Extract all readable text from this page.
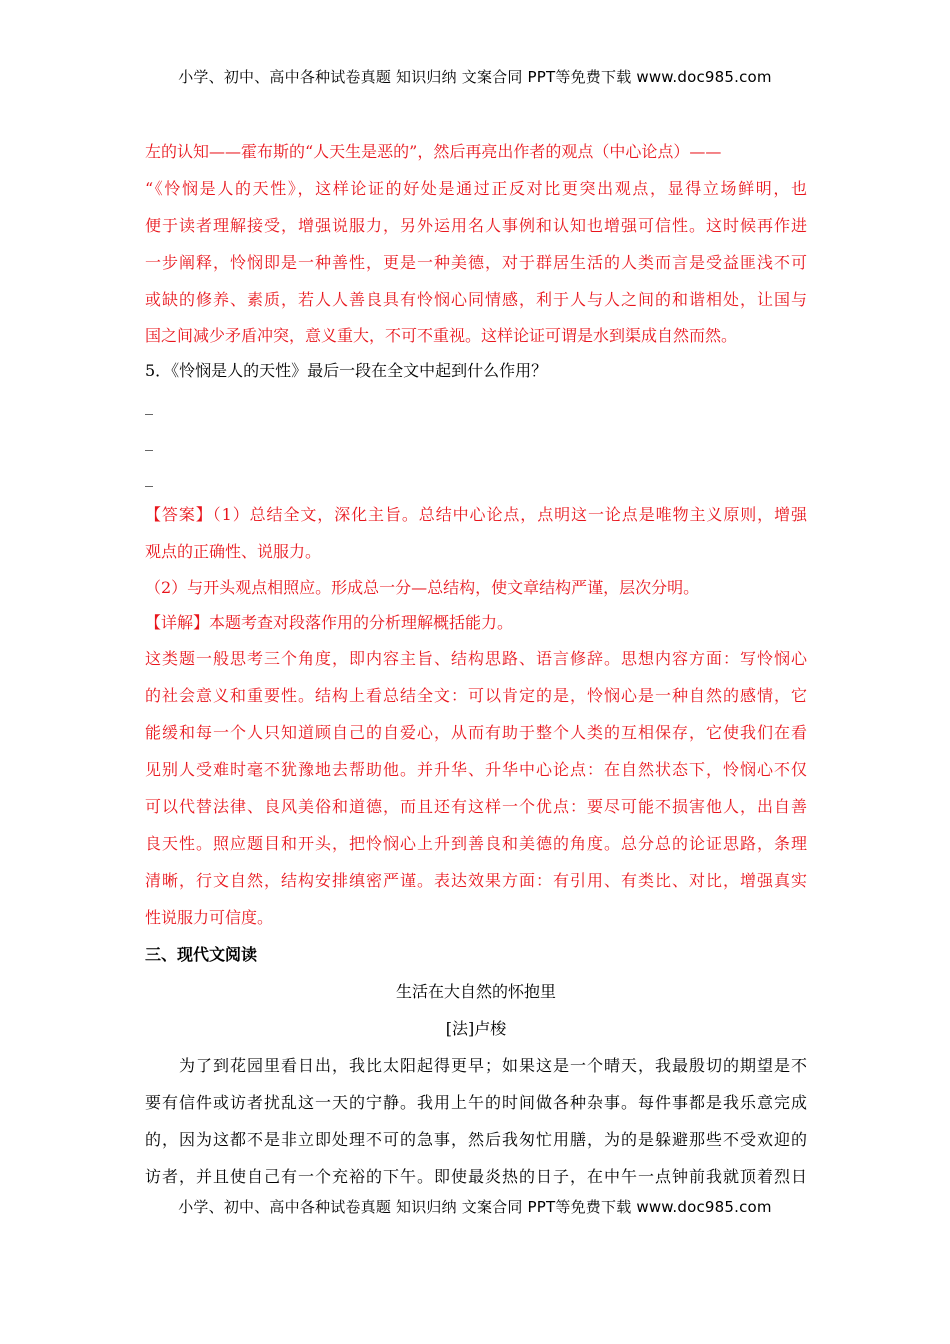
小学、初中、高中各种试卷真题 知识归纳 文案合同 PPT等免费下载 www.doc985.com
左的认知——霍布斯的“人天生是恶的”，然后再亮出作者的观点（中心论点）——
“《怜悯是人的天性》，这样论证的好处是通过正反对比更突出观点，显得立场鲜明，也
便于读者理解接受，增强说服力，另外运用名人事例和认知也增强可信性。这时候再作进
一步阐释，怜悯即是一种善性，更是一种美德，对于群居生活的人类而言是受益匪浅不可
或缺的修养、素质，若人人善良具有怜悯心同情感，利于人与人之间的和谐相处，让国与
国之间减少矛盾冲突，意义重大，不可不重视。这样论证可谓是水到渠成自然而然。
5．《怜悯是人的天性》最后一段在全文中起到什么作用？
_
_
_
【答案】（1）总结全文，深化主旨。总结中心论点，点明这一论点是唯物主义原则，增强
观点的正确性、说服力。
（2）与开头观点相照应。形成总一分—总结构，使文章结构严谨，层次分明。
【详解】本题考查对段落作用的分析理解概括能力。
这类题一般思考三个角度，即内容主旨、结构思路、语言修辞。思想内容方面：写怜悯心
的社会意义和重要性。结构上看总结全文：可以肯定的是，怜悯心是一种自然的感情，它
能缓和每一个人只知道顾自己的自爱心，从而有助于整个人类的互相保存，它使我们在看
见别人受难时毫不犹豫地去帮助他。并升华、升华中心论点：在自然状态下，怜悯心不仅
可以代替法律、良风美俗和道德，而且还有这样一个优点：要尽可能不损害他人，出自善
良天性。照应题目和开头，把怜悯心上升到善良和美德的角度。总分总的论证思路，条理
清晰，行文自然，结构安排缜密严谨。表达效果方面：有引用、有类比、对比，增强真实
性说服力可信度。
三、现代文阅读
生活在大自然的怀抱里
[法]卢梭
为了到花园里看日出，我比太阳起得更早；如果这是一个晴天，我最殷切的期望是不
要有信件或访者扰乱这一天的宁静。我用上午的时间做各种杂事。每件事都是我乐意完成
的，因为这都不是非立即处理不可的急事，然后我匆忙用膳，为的是躲避那些不受欢迎的
访者，并且使自己有一个充裕的下午。即使最炎热的日子，在中午一点钟前我就顶着烈日
小学、初中、高中各种试卷真题 知识归纳 文案合同 PPT等免费下载 www.doc985.com
